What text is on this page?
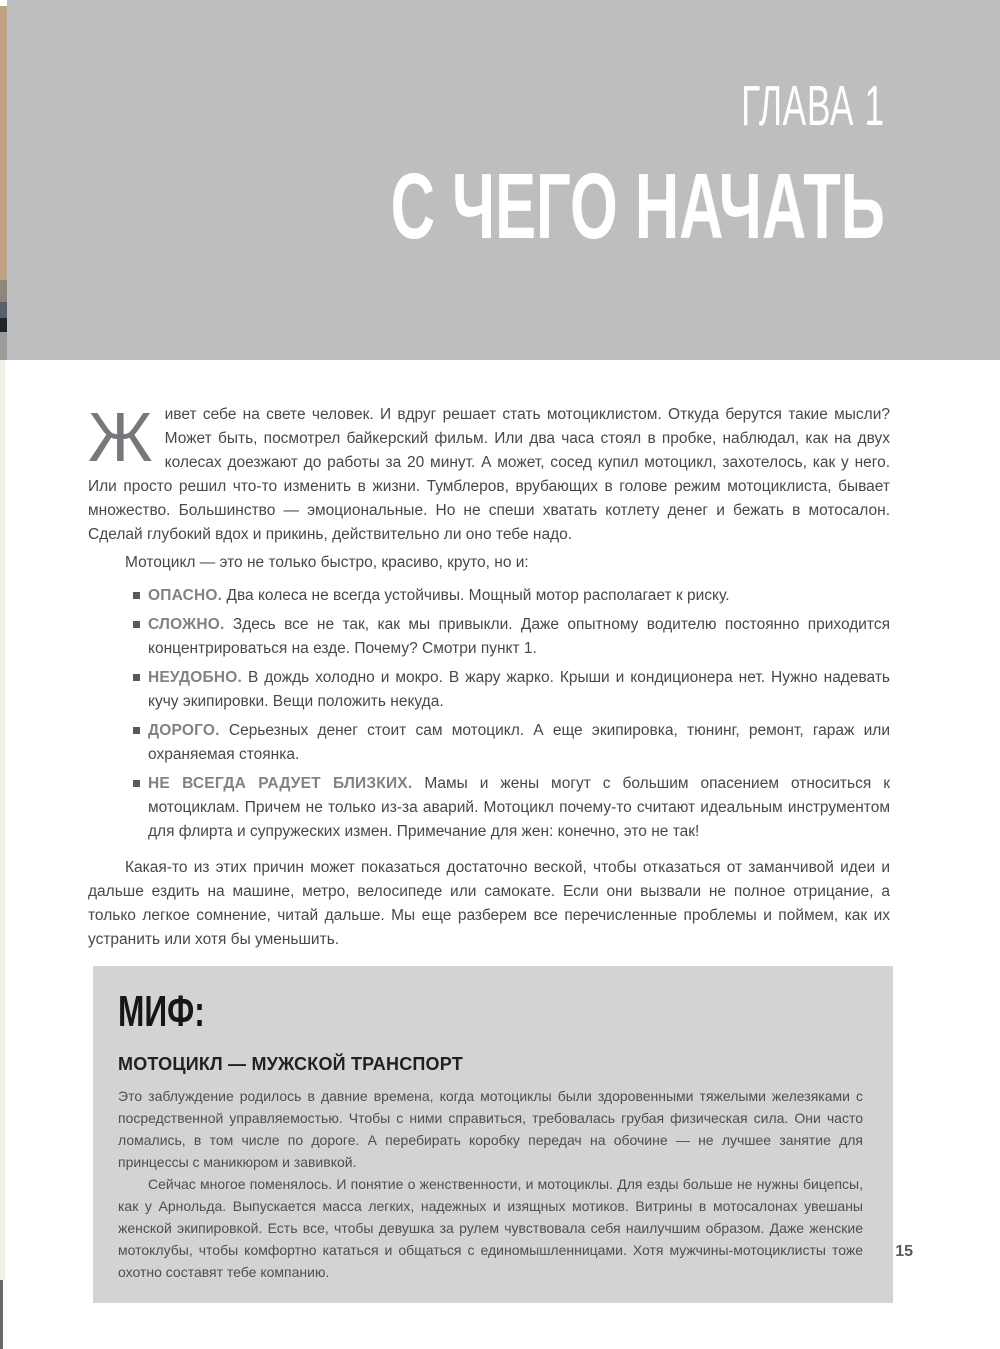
ГЛАВА 1
С ЧЕГО НАЧАТЬ

Живет себе на свете человек. И вдруг решает стать мотоциклистом. Откуда берутся такие мысли? Может быть, посмотрел байкерский фильм. Или два часа стоял в пробке, наблюдал, как на двух колесах доезжают до работы за 20 минут. А может, сосед купил мотоцикл, захотелось, как у него. Или просто решил что-то изменить в жизни. Тумблеров, врубающих в голове режим мотоциклиста, бывает множество. Большинство — эмоциональные. Но не спеши хватать котлету денег и бежать в мотосалон. Сделай глубокий вдох и прикинь, действительно ли оно тебе надо.

Мотоцикл — это не только быстро, красиво, круто, но и:

ОПАСНО. Два колеса не всегда устойчивы. Мощный мотор располагает к риску.
СЛОЖНО. Здесь все не так, как мы привыкли. Даже опытному водителю постоянно приходится концентрироваться на езде. Почему? Смотри пункт 1.
НЕУДОБНО. В дождь холодно и мокро. В жару жарко. Крыши и кондиционера нет. Нужно надевать кучу экипировки. Вещи положить некуда.
ДОРОГО. Серьезных денег стоит сам мотоцикл. А еще экипировка, тюнинг, ремонт, гараж или охраняемая стоянка.
НЕ ВСЕГДА РАДУЕТ БЛИЗКИХ. Мамы и жены могут с большим опасением относиться к мотоциклам. Причем не только из-за аварий. Мотоцикл почему-то считают идеальным инструментом для флирта и супружеских измен. Примечание для жен: конечно, это не так!

Какая-то из этих причин может показаться достаточно веской, чтобы отказаться от заманчивой идеи и дальше ездить на машине, метро, велосипеде или самокате. Если они вызвали не полное отрицание, а только легкое сомнение, читай дальше. Мы еще разберем все перечисленные проблемы и поймем, как их устранить или хотя бы уменьшить.

МИФ:
МОТОЦИКЛ — МУЖСКОЙ ТРАНСПОРТ

Это заблуждение родилось в давние времена, когда мотоциклы были здоровенными тяжелыми железяками с посредственной управляемостью. Чтобы с ними справиться, требовалась грубая физическая сила. Они часто ломались, в том числе по дороге. А перебирать коробку передач на обочине — не лучшее занятие для принцессы с маникюром и завивкой.

Сейчас многое поменялось. И понятие о женственности, и мотоциклы. Для езды больше не нужны бицепсы, как у Арнольда. Выпускается масса легких, надежных и изящных мотиков. Витрины в мотосалонах увешаны женской экипировкой. Есть все, чтобы девушка за рулем чувствовала себя наилучшим образом. Даже женские мотоклубы, чтобы комфортно кататься и общаться с единомышленницами. Хотя мужчины-мотоциклисты тоже охотно составят тебе компанию.

15
